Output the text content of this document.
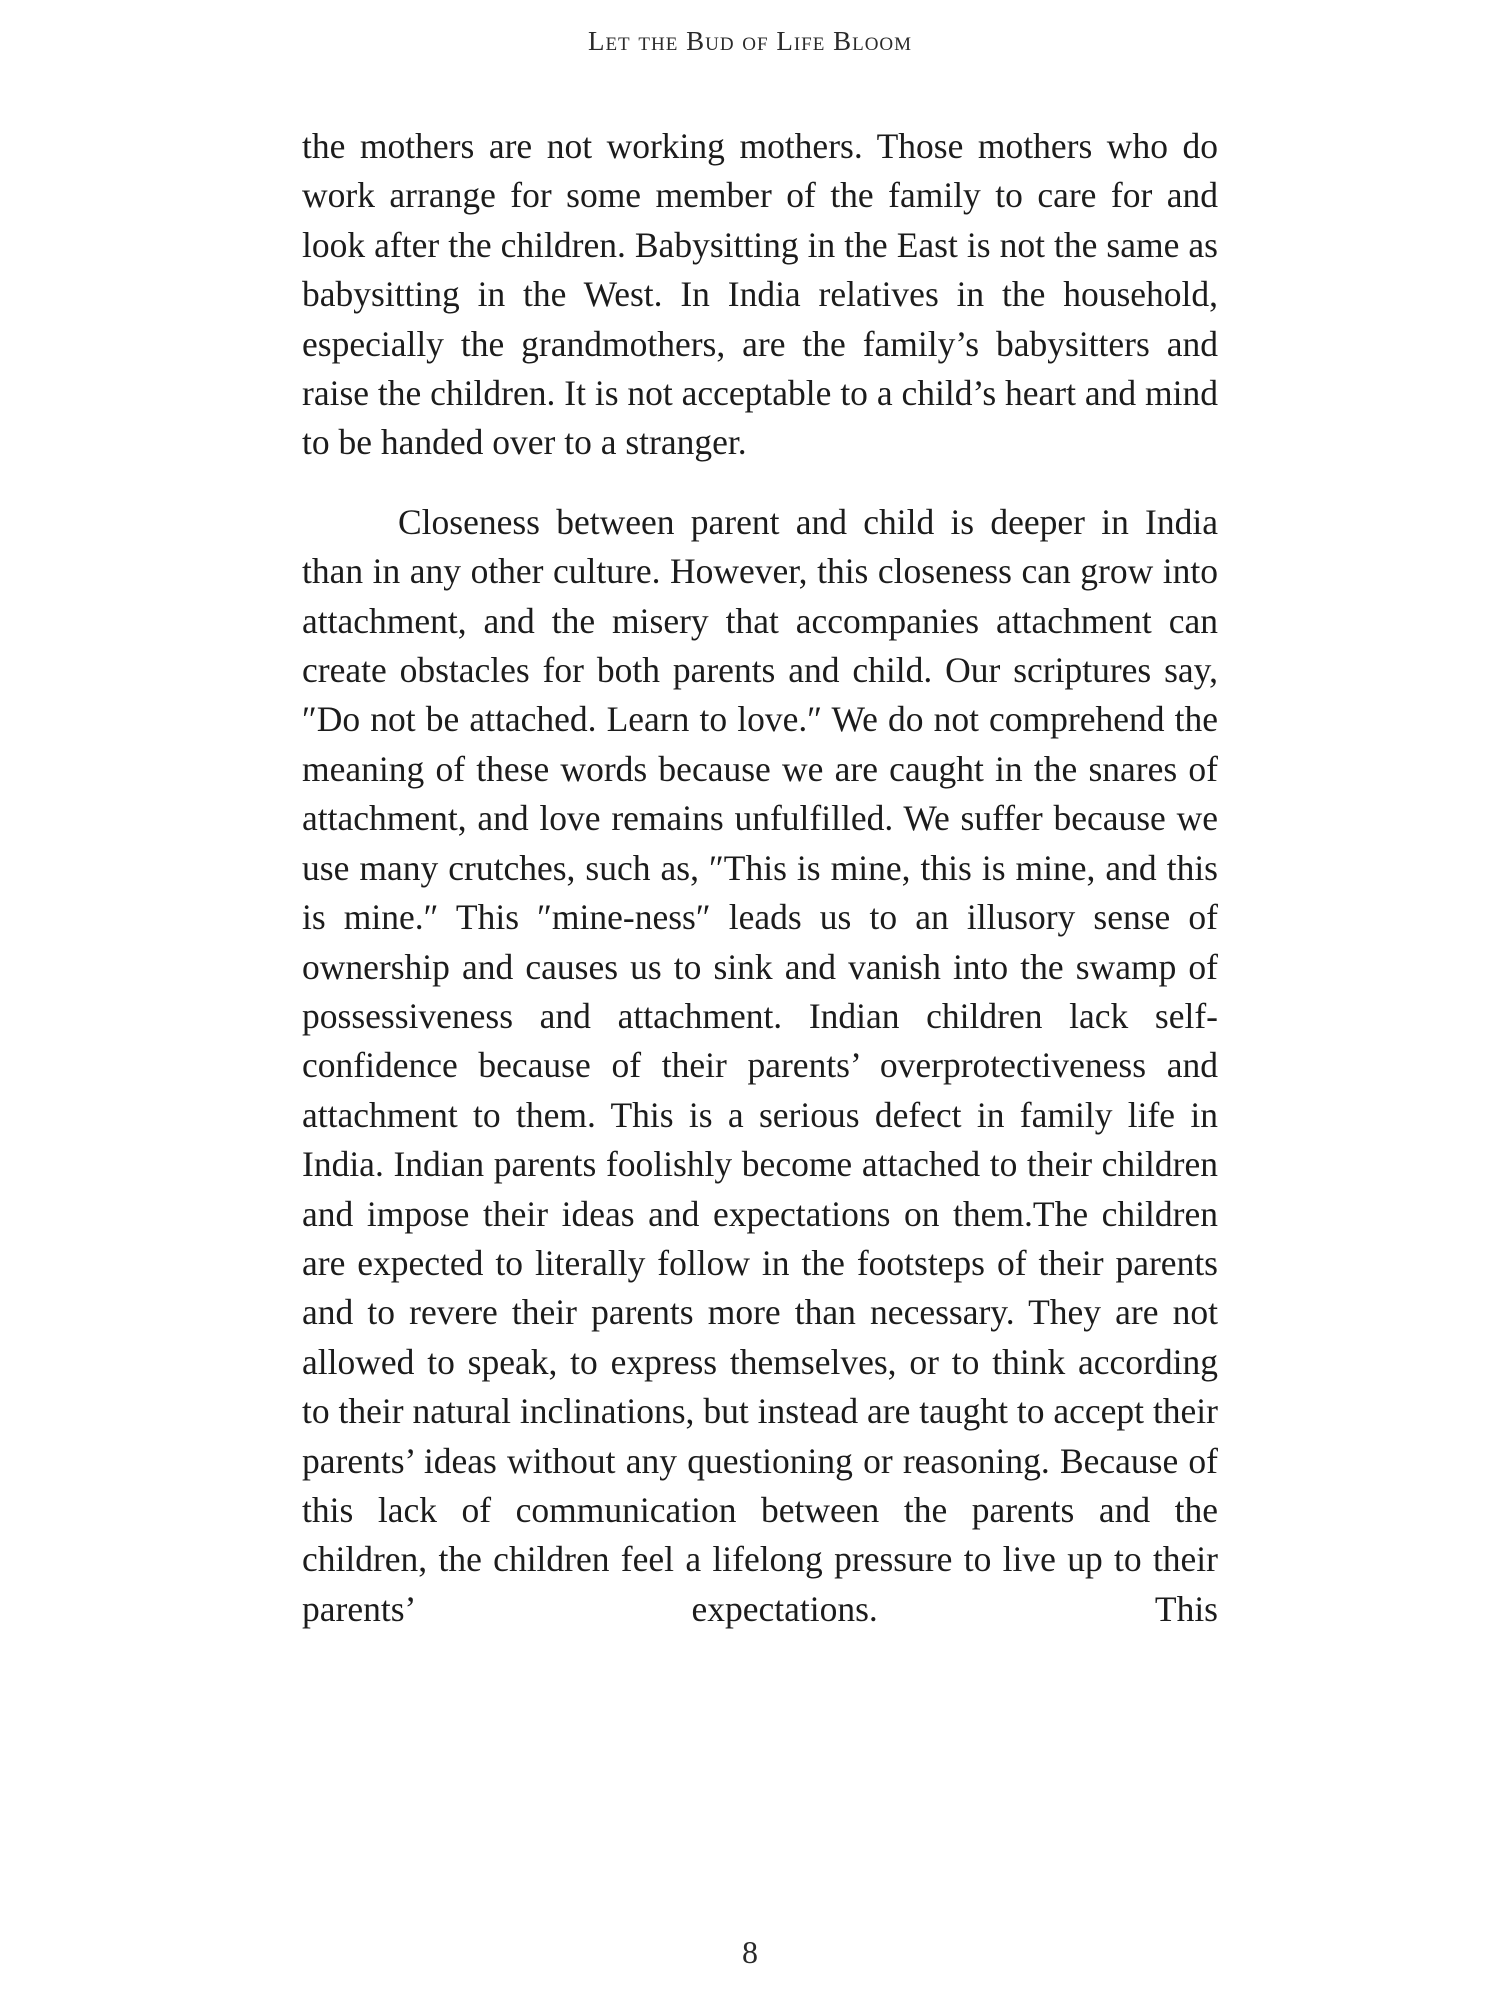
Let the Bud of Life Bloom

the mothers are not working mothers. Those mothers who do work arrange for some member of the family to care for and look after the children. Babysitting in the East is not the same as babysitting in the West. In India relatives in the household, especially the grandmothers, are the family’s babysitters and raise the children. It is not acceptable to a child’s heart and mind to be handed over to a stranger.

Closeness between parent and child is deeper in India than in any other culture. However, this closeness can grow into attachment, and the misery that accompanies attachment can create obstacles for both parents and child. Our scriptures say, ″Do not be attached. Learn to love.″ We do not comprehend the meaning of these words because we are caught in the snares of attachment, and love remains unfulfilled. We suffer because we use many crutches, such as, ″This is mine, this is mine, and this is mine.″ This ″mine-ness″ leads us to an illusory sense of ownership and causes us to sink and vanish into the swamp of possessiveness and attachment. Indian children lack self-confidence because of their parents’ overprotectiveness and attachment to them. This is a serious defect in family life in India. Indian parents foolishly become attached to their children and impose their ideas and expectations on them.The children are expected to literally follow in the footsteps of their parents and to revere their parents more than necessary. They are not allowed to speak, to express themselves, or to think according to their natural inclinations, but instead are taught to accept their parents’ ideas without any questioning or reasoning. Because of this lack of communication between the parents and the children, the children feel a lifelong pressure to live up to their parents’ expectations. This

8
